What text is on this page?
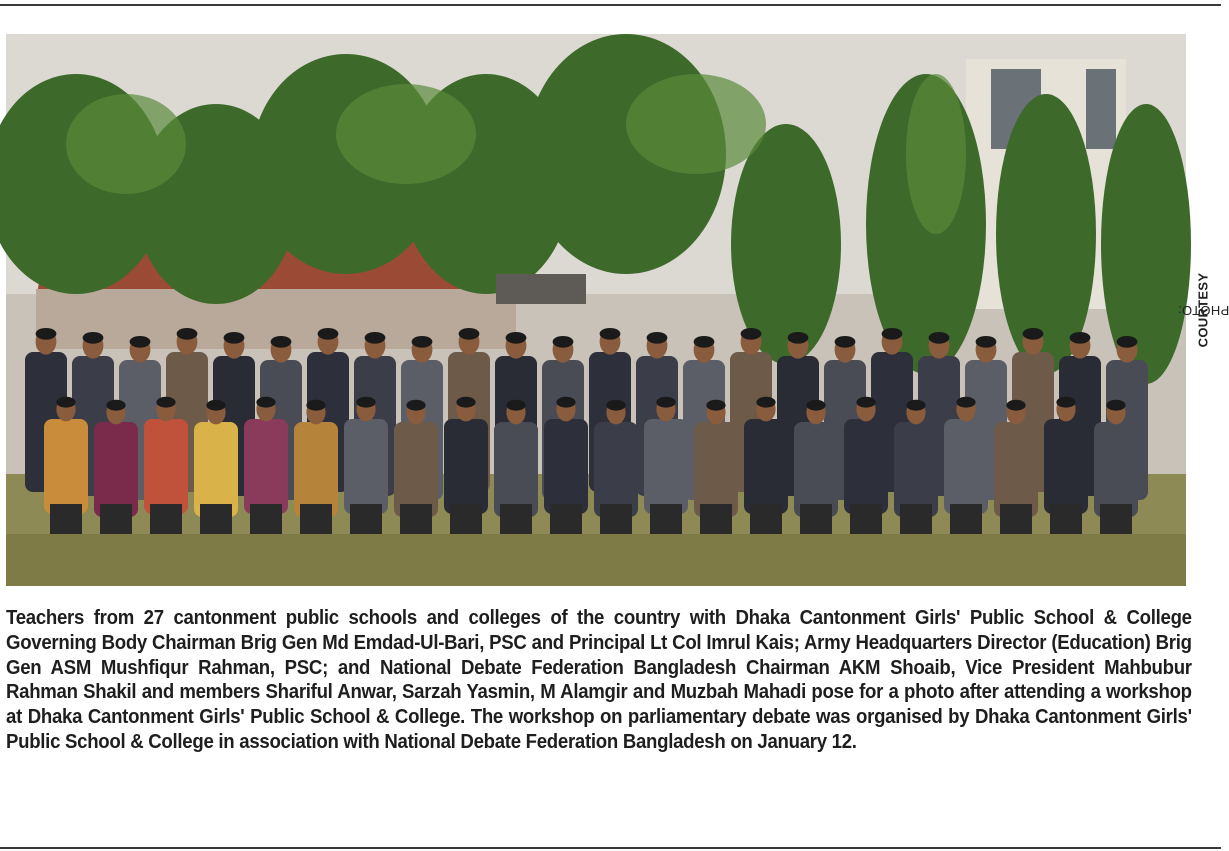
PHOTO:
COURTESY
Teachers from 27 cantonment public schools and colleges of the country with Dhaka Cantonment Girls' Public School & College Governing Body Chairman Brig Gen Md Emdad-Ul-Bari, PSC and Principal Lt Col Imrul Kais; Army Headquarters Director (Education) Brig Gen ASM Mushfiqur Rahman, PSC; and National Debate Federation Bangladesh Chairman AKM Shoaib, Vice President Mahbubur Rahman Shakil and members Shariful Anwar, Sarzah Yasmin, M Alamgir and Muzbah Mahadi pose for a photo after attending a workshop at Dhaka Cantonment Girls' Public School & College. The workshop on parliamentary debate was organised by Dhaka Cantonment Girls' Public School & College in association with National Debate Federation Bangladesh on January 12.
